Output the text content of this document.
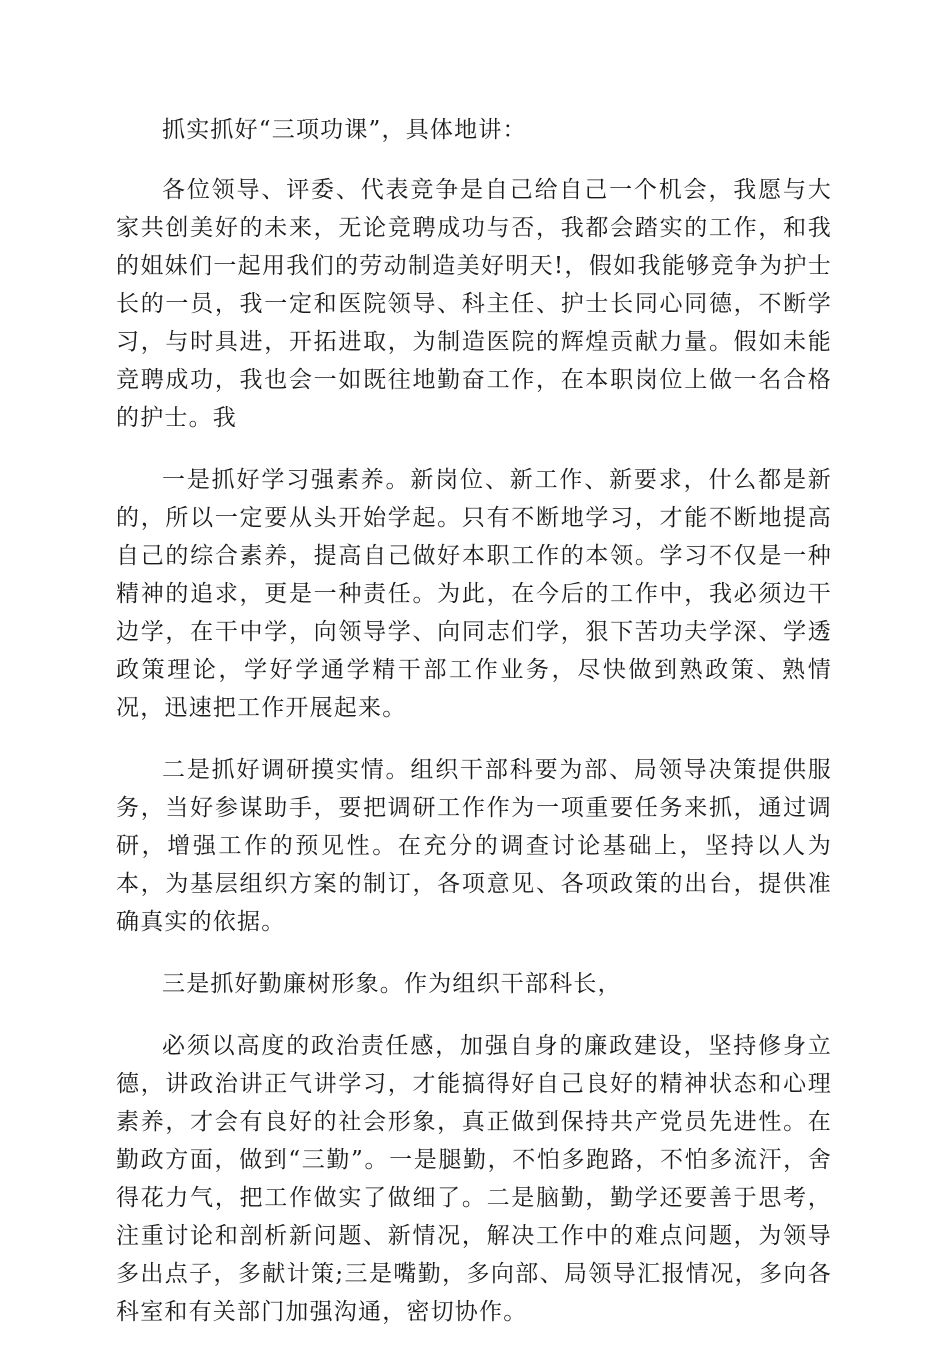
抓实抓好“三项功课”，具体地讲：

各位领导、评委、代表竞争是自己给自己一个机会，我愿与大家共创美好的未来，无论竞聘成功与否，我都会踏实的工作，和我的姐妹们一起用我们的劳动制造美好明天!，假如我能够竞争为护士长的一员，我一定和医院领导、科主任、护士长同心同德，不断学习，与时具进，开拓进取，为制造医院的辉煌贡献力量。假如未能竞聘成功，我也会一如既往地勤奋工作，在本职岗位上做一名合格的护士。我

一是抓好学习强素养。新岗位、新工作、新要求，什么都是新的，所以一定要从头开始学起。只有不断地学习，才能不断地提高自己的综合素养，提高自己做好本职工作的本领。学习不仅是一种精神的追求，更是一种责任。为此，在今后的工作中，我必须边干边学，在干中学，向领导学、向同志们学，狠下苦功夫学深、学透政策理论，学好学通学精干部工作业务，尽快做到熟政策、熟情况，迅速把工作开展起来。

二是抓好调研摸实情。组织干部科要为部、局领导决策提供服务，当好参谋助手，要把调研工作作为一项重要任务来抓，通过调研，增强工作的预见性。在充分的调查讨论基础上，坚持以人为本，为基层组织方案的制订，各项意见、各项政策的出台，提供准确真实的依据。

三是抓好勤廉树形象。作为组织干部科长，

必须以高度的政治责任感，加强自身的廉政建设，坚持修身立德，讲政治讲正气讲学习，才能搞得好自己良好的精神状态和心理素养，才会有良好的社会形象，真正做到保持共产党员先进性。在勤政方面，做到“三勤”。一是腿勤，不怕多跑路，不怕多流汗，舍得花力气，把工作做实了做细了。二是脑勤，勤学还要善于思考，注重讨论和剖析新问题、新情况，解决工作中的难点问题，为领导多出点子，多献计策;三是嘴勤，多向部、局领导汇报情况，多向各科室和有关部门加强沟通，密切协作。
